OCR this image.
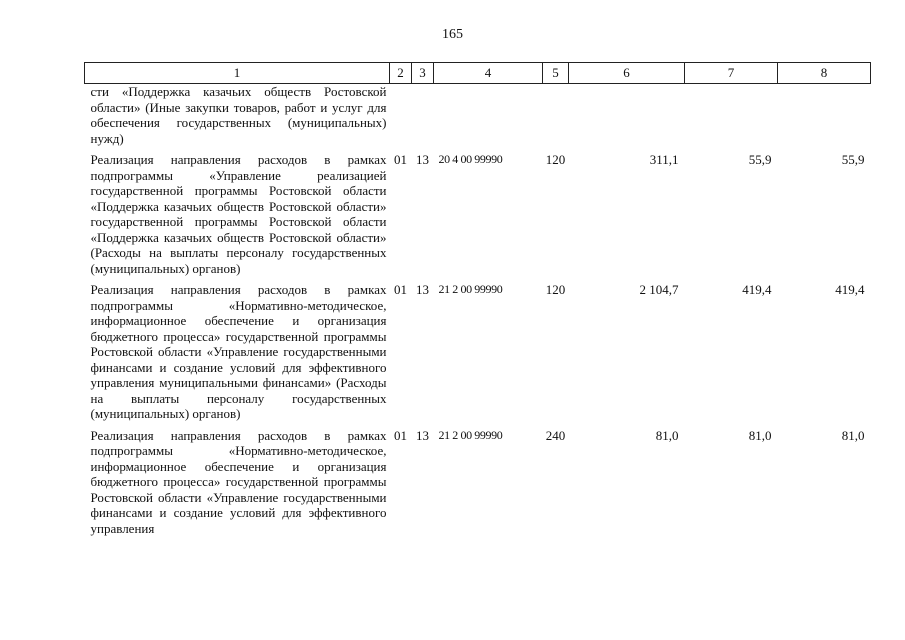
165
1	2	3	4	5	6	7	8
сти «Поддержка казачьих обществ Ростовской области» (Иные закупки товаров, работ и услуг для обеспечения государственных (муниципальных) нужд)							
Реализация направления расходов в рамках подпрограммы «Управление реализацией государственной программы Ростовской области «Поддержка казачьих обществ Ростовской области» государственной программы Ростовской области «Поддержка казачьих обществ Ростовской области» (Расходы на выплаты персоналу государственных (муниципальных) органов)	01	13	20 4 00 99990	120	311,1	55,9	55,9
Реализация направления расходов в рамках подпрограммы «Нормативно-методическое, информационное обеспечение и организация бюджетного процесса» государственной программы Ростовской области «Управление государственными финансами и создание условий для эффективного управления муниципальными финансами» (Расходы на выплаты персоналу государственных (муниципальных) органов)	01	13	21 2 00 99990	120	2 104,7	419,4	419,4
Реализация направления расходов в рамках подпрограммы «Нормативно-методическое, информационное обеспечение и организация бюджетного процесса» государственной программы Ростовской области «Управление государственными финансами и создание условий для эффективного управления	01	13	21 2 00 99990	240	81,0	81,0	81,0
